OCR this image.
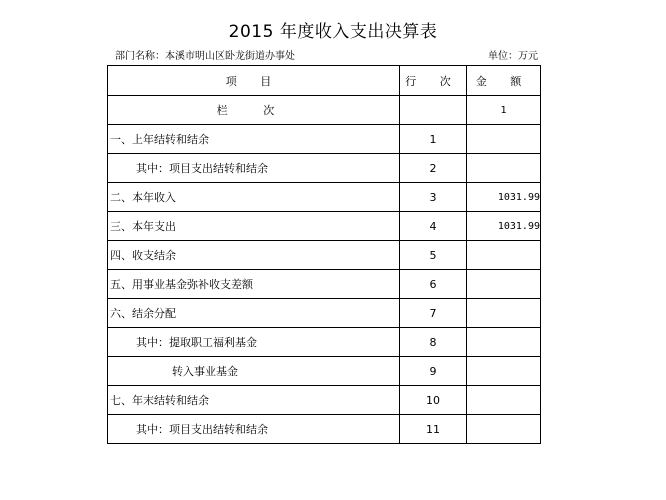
2015 年度收入支出决算表
部门名称：本溪市明山区卧龙街道办事处	单位：万元
项 目	行 次	金 额
栏 次		1
一、上年结转和结余	1	
其中：项目支出结转和结余	2	
二、本年收入	3	1031.99
三、本年支出	4	1031.99
四、收支结余	5	
五、用事业基金弥补收支差额	6	
六、结余分配	7	
其中：提取职工福利基金	8	
转入事业基金	9	
七、年末结转和结余	10	
其中：项目支出结转和结余	11	
